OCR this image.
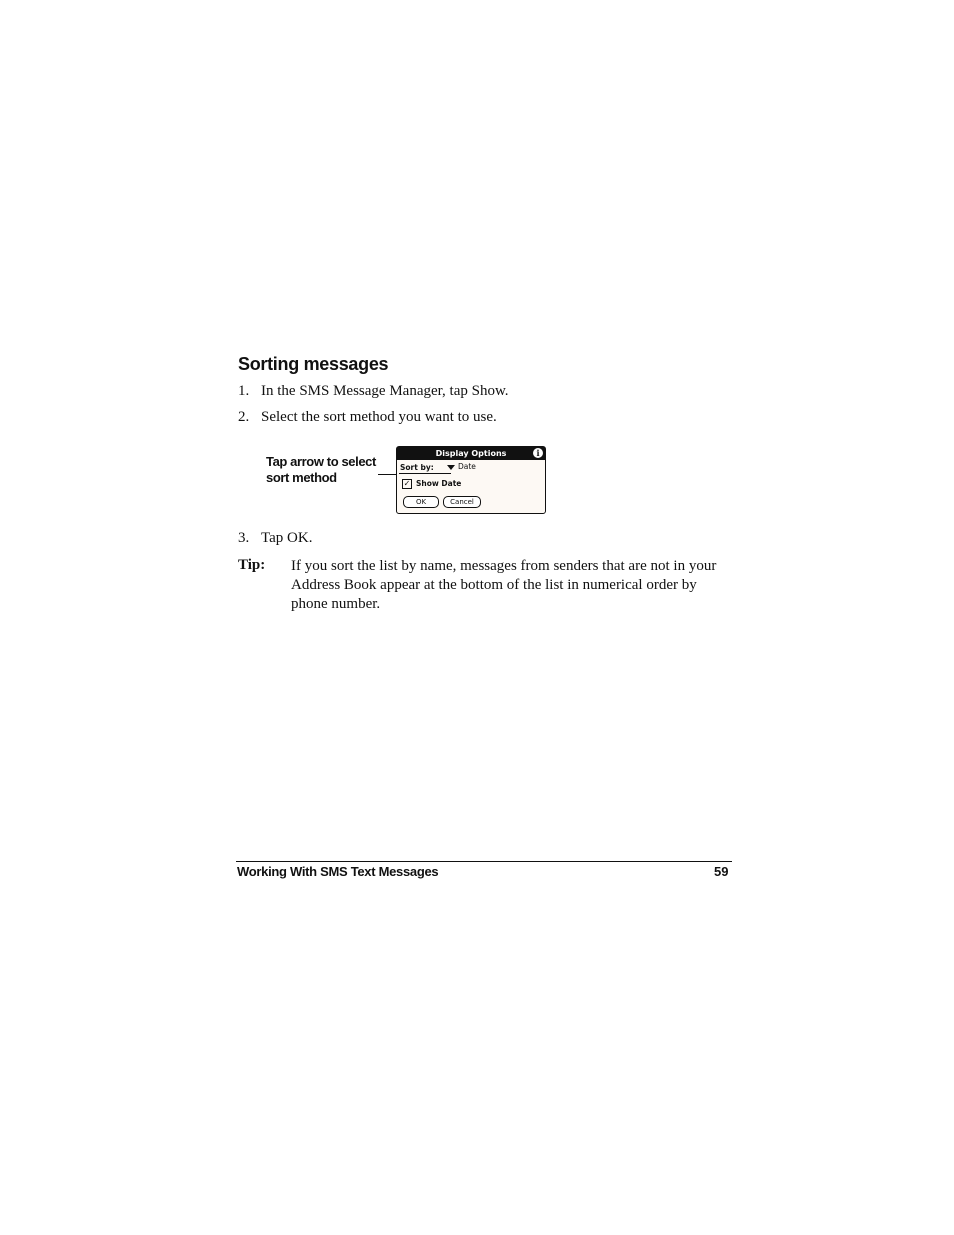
Sorting messages
1. In the SMS Message Manager, tap Show.
2. Select the sort method you want to use.
Tap arrow to select
sort method
Display Options	i
Sort by:	Date
✓ Show Date
OK	Cancel
3. Tap OK.
Tip: If you sort the list by name, messages from senders that are not in your Address Book appear at the bottom of the list in numerical order by phone number.
Working With SMS Text Messages	59
